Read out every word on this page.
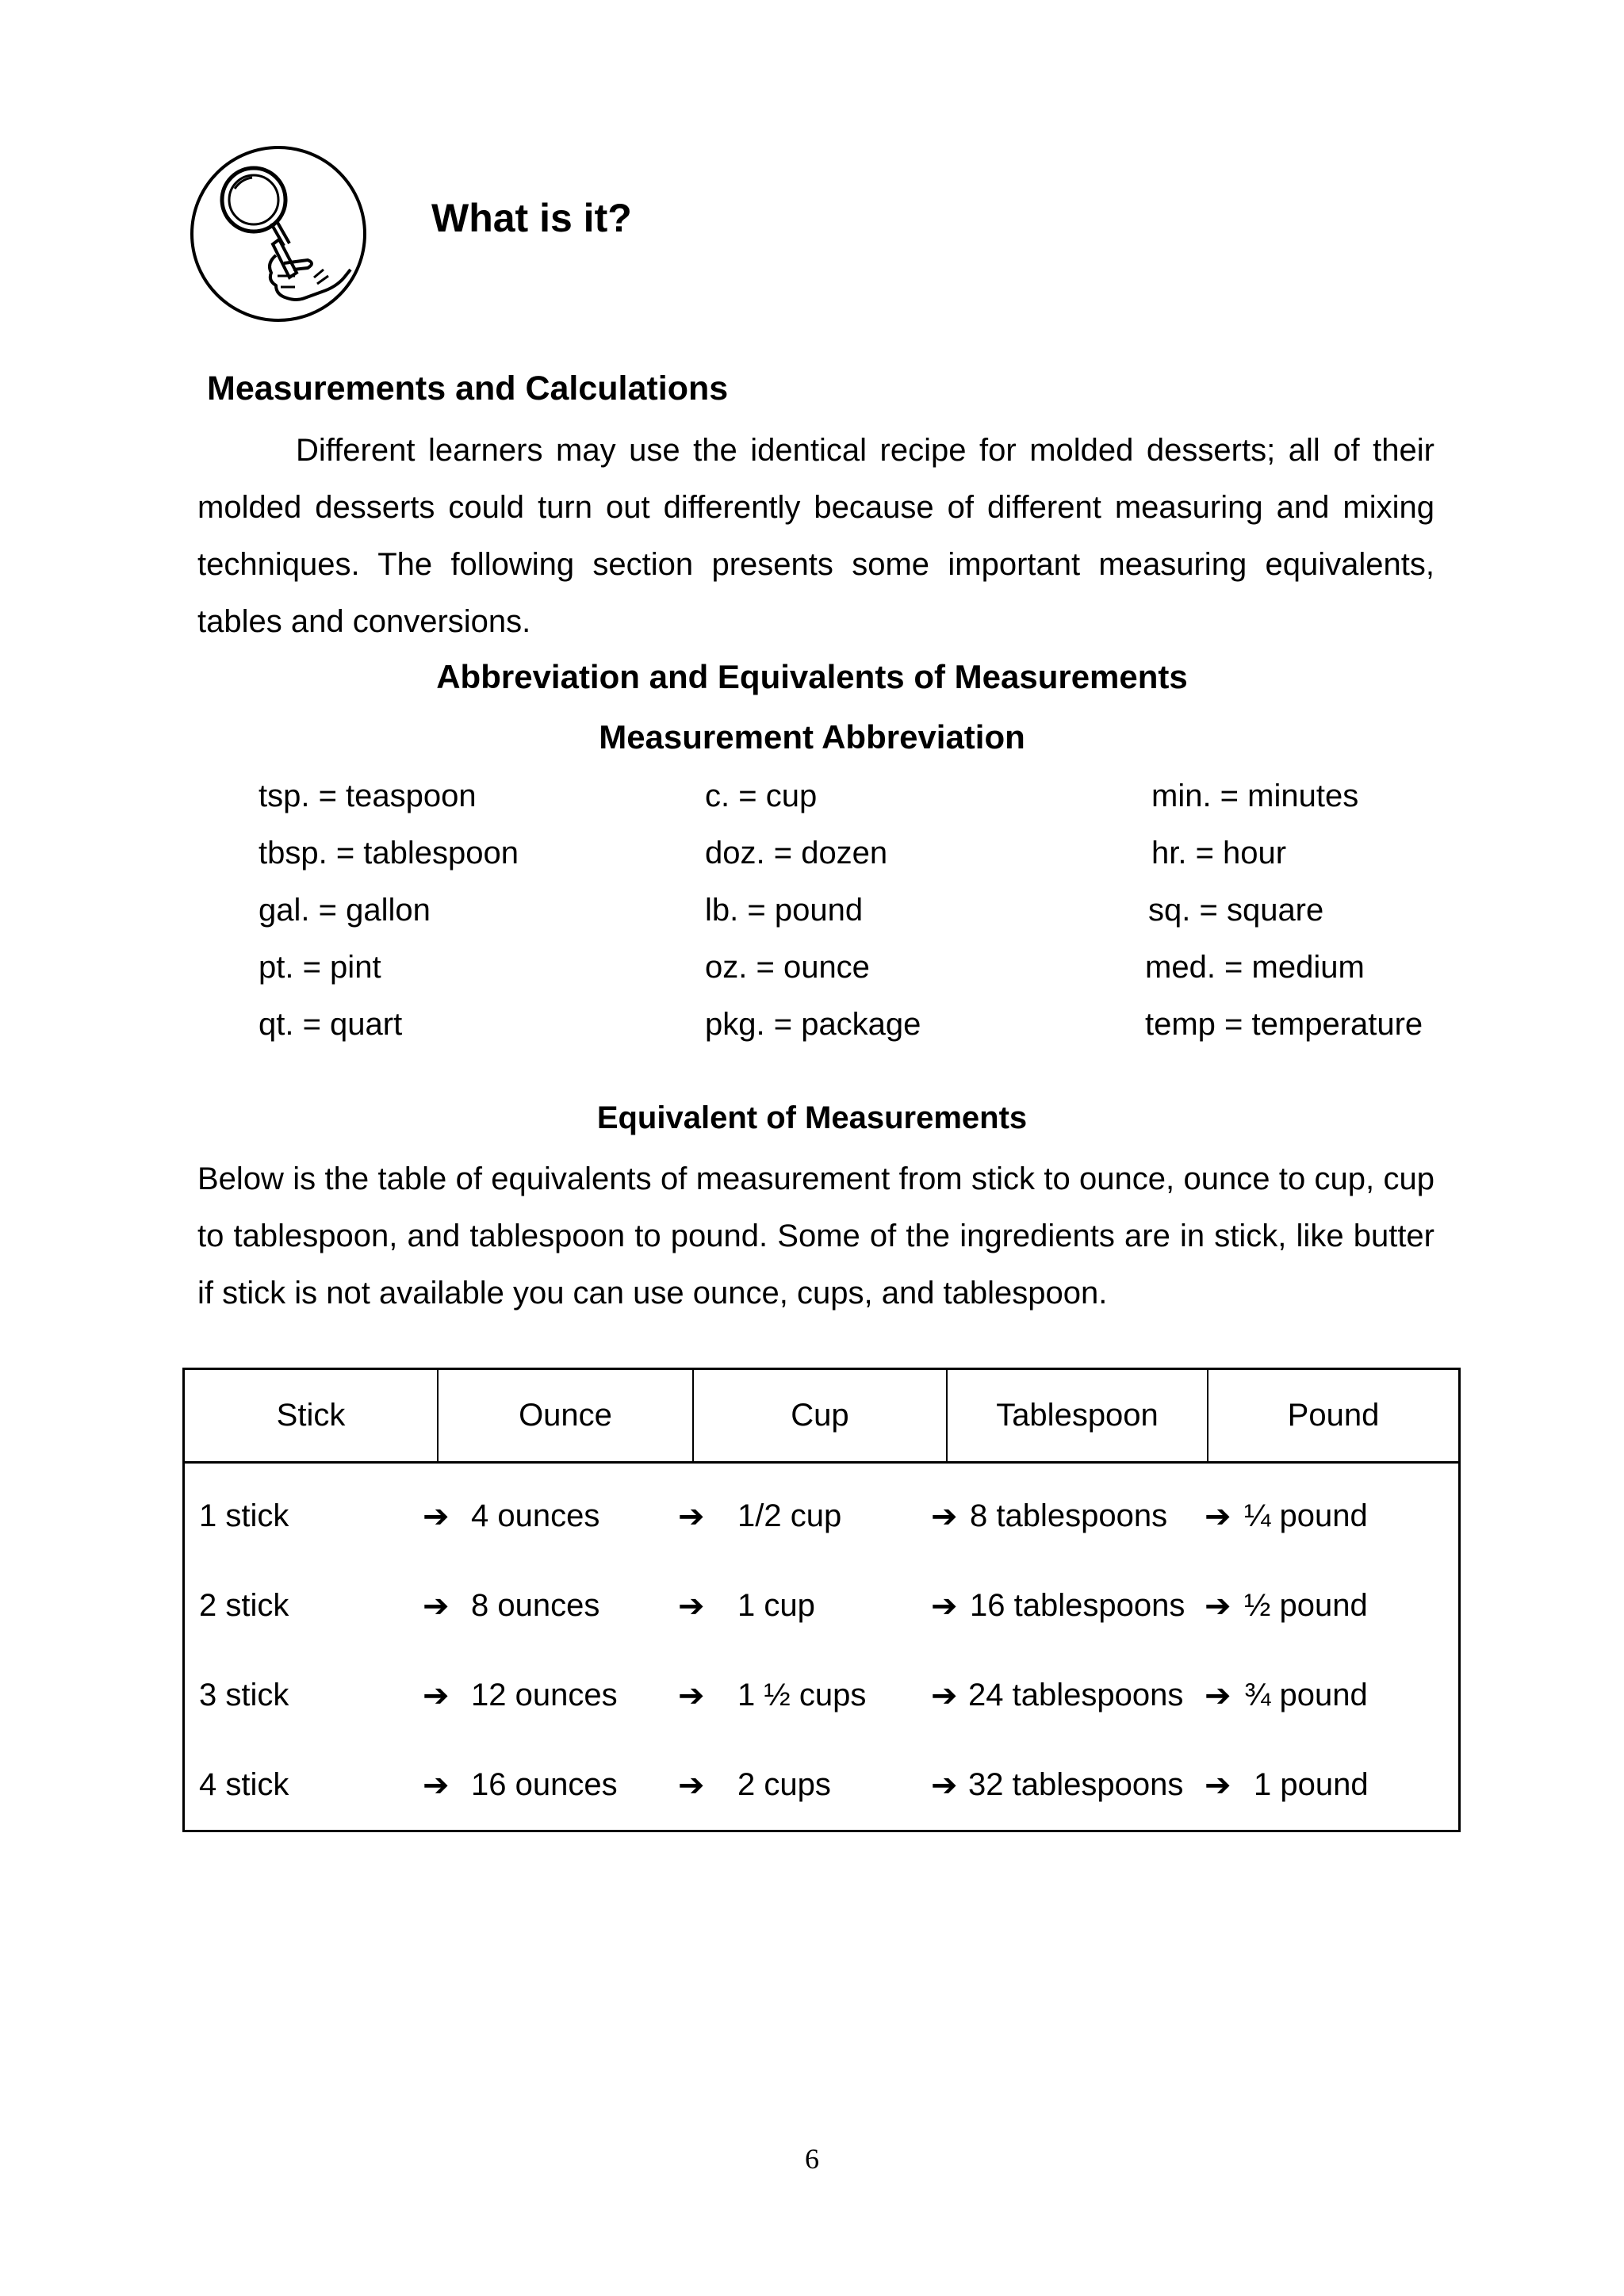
What is it?
Measurements and Calculations

Different learners may use the identical recipe for molded desserts; all of their molded desserts could turn out differently because of different measuring and mixing techniques. The following section presents some important measuring equivalents, tables and conversions.

Abbreviation and Equivalents of Measurements
Measurement Abbreviation
tsp. = teaspoon
tbsp. = tablespoon
gal. = gallon
pt. = pint
qt. = quart
c. = cup
doz. = dozen
lb. = pound
oz. = ounce
pkg. = package
min. = minutes
hr. = hour
sq. = square
med. = medium
temp = temperature
Equivalent of Measurements

Below is the table of equivalents of measurement from stick to ounce, ounce to cup, cup to tablespoon, and tablespoon to pound. Some of the ingredients are in stick, like butter if stick is not available you can use ounce, cups, and tablespoon.

Stick	Ounce	Cup	Tablespoon	Pound
1 stick	➔ 4 ounces ➔ 1/2 cup	➔ 8 tablespoons ➔ ¼ pound
2 stick	➔ 8 ounces ➔ 1 cup	➔ 16 tablespoons ➔ ½ pound
3 stick	➔ 12 ounces ➔ 1 ½ cups ➔ 24 tablespoons ➔ ¾ pound
4 stick	➔ 16 ounces ➔ 2 cups	➔ 32 tablespoons ➔ 1 pound
6
